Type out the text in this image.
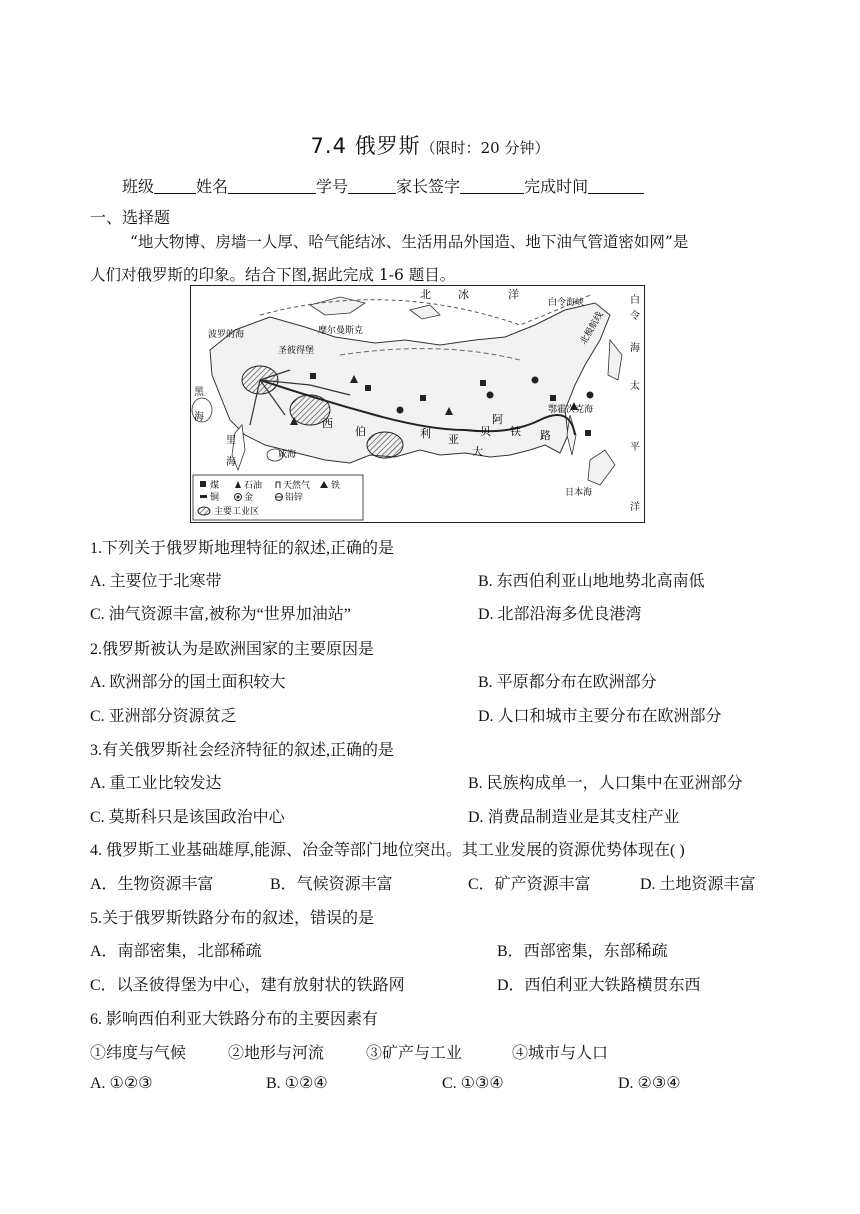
7.4 俄罗斯（限时：20 分钟）
班级	姓名	学号	家长签字	完成时间
一、选择题
“地大物博、房墙一人厚、哈气能结冰、生活用品外国造、地下油气管道密如网”是
人们对俄罗斯的印象。结合下图,据此完成 1-6 题目。
北 冰	洋
白令海峡
波罗的海	摩尔曼斯克
圣彼得堡
黑
海
里
海
咸海
西
伯	利 亚
贝
阿
铁 路
大
鄂霍次克海
日本海
北极航线
白
令
海
太
平
洋
煤	石油 天然气 铁
铜	金	铅锌
主要工业区
1.下列关于俄罗斯地理特征的叙述,正确的是
A. 主要位于北寒带	B. 东西伯利亚山地地势北高南低
C. 油气资源丰富,被称为“世界加油站”	D. 北部沿海多优良港湾
2.俄罗斯被认为是欧洲国家的主要原因是
A. 欧洲部分的国土面积较大	B. 平原都分布在欧洲部分
C. 亚洲部分资源贫乏	D. 人口和城市主要分布在欧洲部分
3.有关俄罗斯社会经济特征的叙述,正确的是
A. 重工业比较发达	B. 民族构成单一，人口集中在亚洲部分
C. 莫斯科只是该国政治中心	D. 消费品制造业是其支柱产业
4. 俄罗斯工业基础雄厚,能源、冶金等部门地位突出。其工业发展的资源优势体现在( )
A．生物资源丰富	B．气候资源丰富	C．矿产资源丰富	D. 土地资源丰富
5.关于俄罗斯铁路分布的叙述，错误的是
A．南部密集，北部稀疏	B．西部密集，东部稀疏
C．以圣彼得堡为中心，建有放射状的铁路网	D．西伯利亚大铁路横贯东西
6. 影响西伯利亚大铁路分布的主要因素有
①纬度与气候	②地形与河流	③矿产与工业	④城市与人口
A. ①②③	B. ①②④	C. ①③④	D. ②③④
